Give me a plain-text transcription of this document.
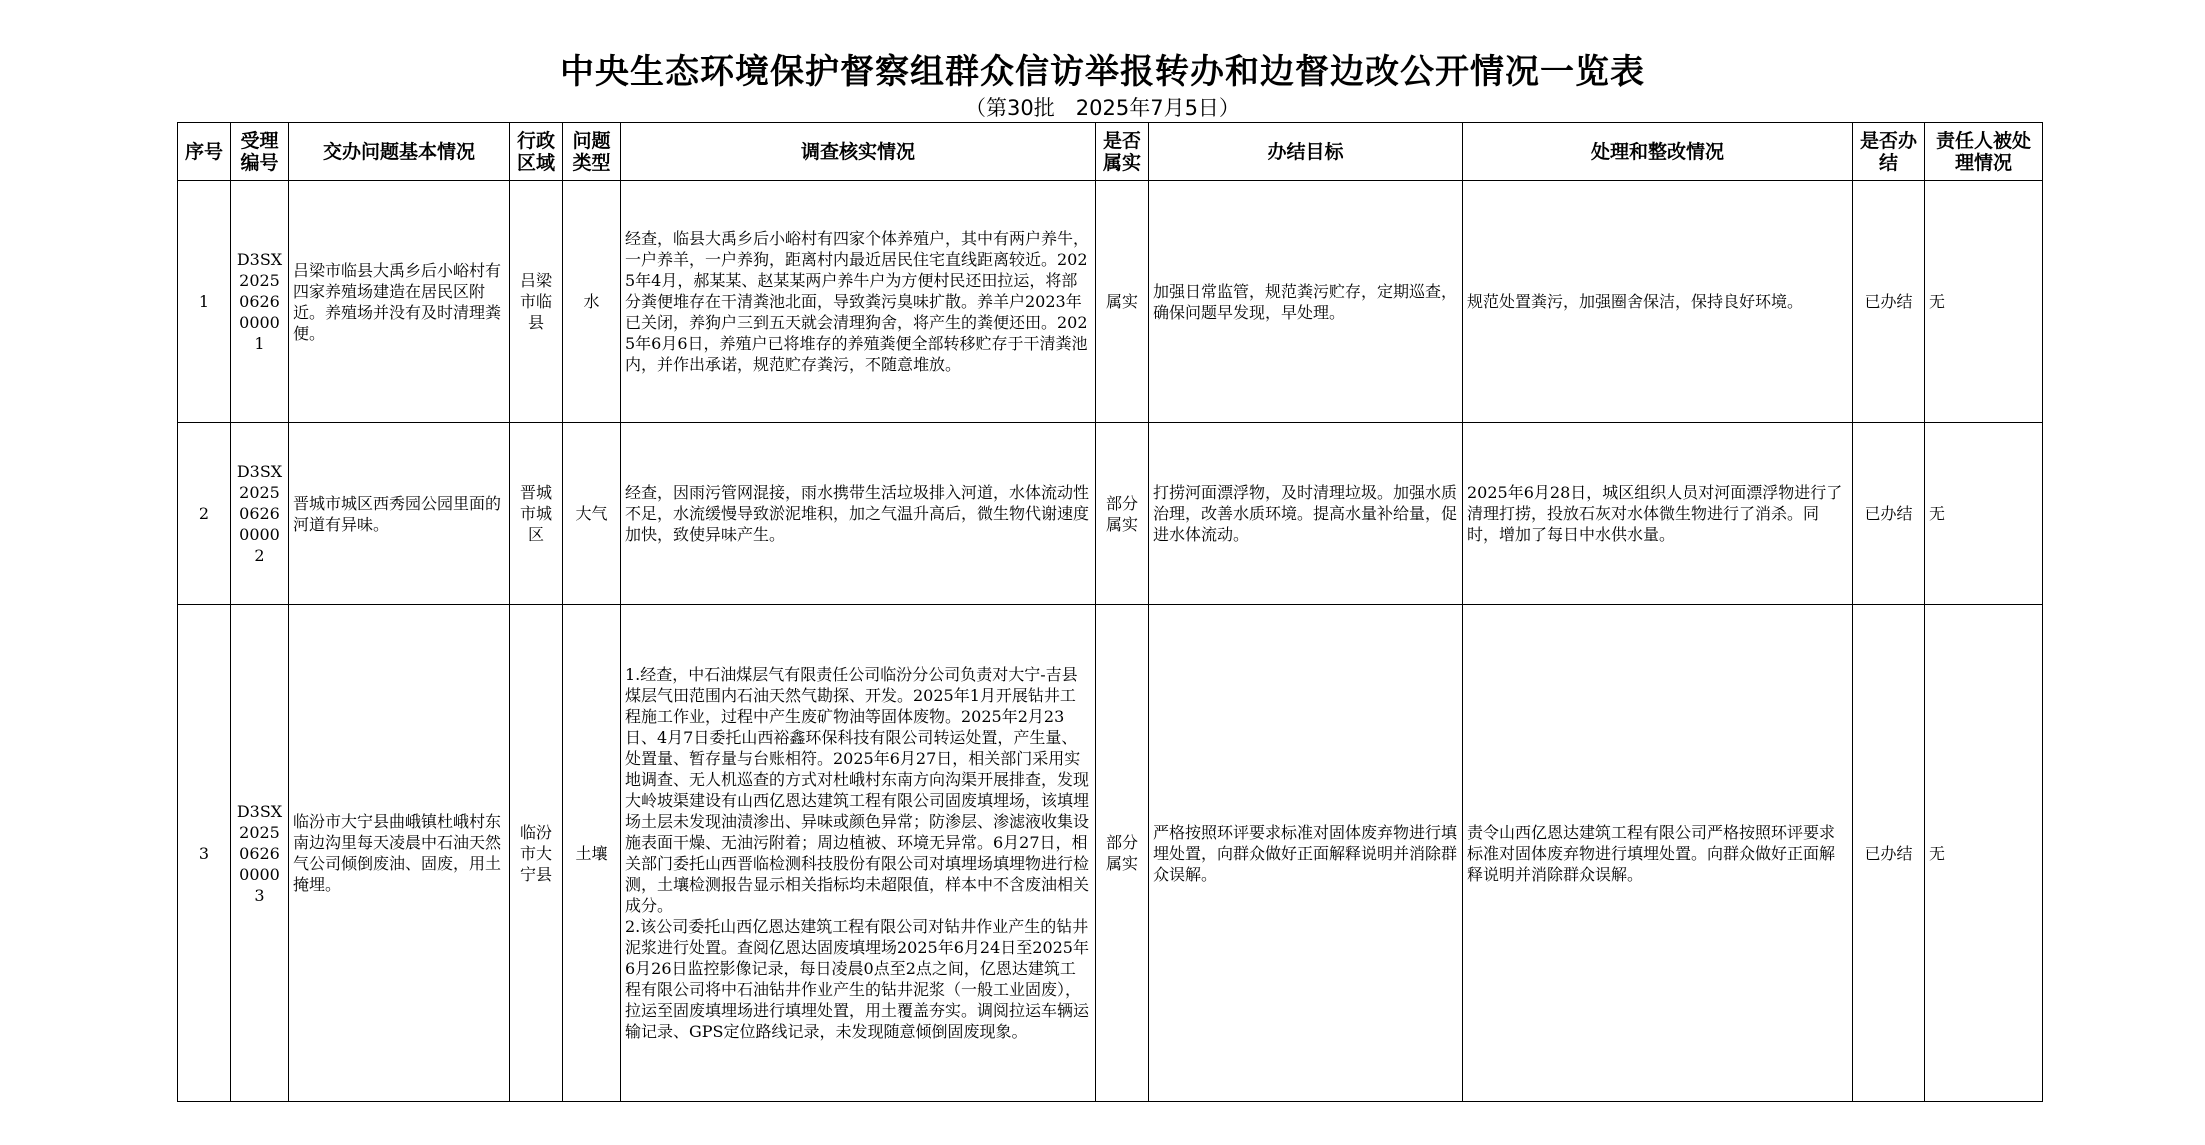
中央生态环境保护督察组群众信访举报转办和边督边改公开情况一览表
（第30批　2025年7月5日）
序号	受理编号	交办问题基本情况	行政区域	问题类型	调查核实情况	是否属实	办结目标	处理和整改情况	是否办结	责任人被处理情况
1	D3SX2025062600001	吕梁市临县大禹乡后小峪村有四家养殖场建造在居民区附近。养殖场并没有及时清理粪便。	吕梁市临县	水	经查，临县大禹乡后小峪村有四家个体养殖户，其中有两户养牛，一户养羊，一户养狗，距离村内最近居民住宅直线距离较近。2025年4月，郝某某、赵某某两户养牛户为方便村民还田拉运，将部分粪便堆存在干清粪池北面，导致粪污臭味扩散。养羊户2023年已关闭，养狗户三到五天就会清理狗舍，将产生的粪便还田。2025年6月6日，养殖户已将堆存的养殖粪便全部转移贮存于干清粪池内，并作出承诺，规范贮存粪污，不随意堆放。	属实	加强日常监管，规范粪污贮存，定期巡查，确保问题早发现，早处理。	规范处置粪污，加强圈舍保洁，保持良好环境。	已办结	无
2	D3SX2025062600002	晋城市城区西秀园公园里面的河道有异味。	晋城市城区	大气	经查，因雨污管网混接，雨水携带生活垃圾排入河道，水体流动性不足，水流缓慢导致淤泥堆积，加之气温升高后，微生物代谢速度加快，致使异味产生。	部分属实	打捞河面漂浮物，及时清理垃圾。加强水质治理，改善水质环境。提高水量补给量，促进水体流动。	2025年6月28日，城区组织人员对河面漂浮物进行了清理打捞，投放石灰对水体微生物进行了消杀。同时，增加了每日中水供水量。	已办结	无
3	D3SX2025062600003	临汾市大宁县曲峨镇杜峨村东南边沟里每天凌晨中石油天然气公司倾倒废油、固废，用土掩埋。	临汾市大宁县	土壤	1.经查，中石油煤层气有限责任公司临汾分公司负责对大宁-吉县煤层气田范围内石油天然气勘探、开发。2025年1月开展钻井工程施工作业，过程中产生废矿物油等固体废物。2025年2月23日、4月7日委托山西裕鑫环保科技有限公司转运处置，产生量、处置量、暂存量与台账相符。2025年6月27日，相关部门采用实地调查、无人机巡查的方式对杜峨村东南方向沟渠开展排查，发现大岭坡渠建设有山西亿恩达建筑工程有限公司固废填埋场，该填埋场土层未发现油渍渗出、异味或颜色异常；防渗层、渗滤液收集设施表面干燥、无油污附着；周边植被、环境无异常。6月27日，相关部门委托山西晋临检测科技股份有限公司对填埋场填埋物进行检测，土壤检测报告显示相关指标均未超限值，样本中不含废油相关成分。
2.该公司委托山西亿恩达建筑工程有限公司对钻井作业产生的钻井泥浆进行处置。查阅亿恩达固废填埋场2025年6月24日至2025年6月26日监控影像记录，每日凌晨0点至2点之间，亿恩达建筑工程有限公司将中石油钻井作业产生的钻井泥浆（一般工业固废），拉运至固废填埋场进行填埋处置，用土覆盖夯实。调阅拉运车辆运输记录、GPS定位路线记录，未发现随意倾倒固废现象。	部分属实	严格按照环评要求标准对固体废弃物进行填埋处置，向群众做好正面解释说明并消除群众误解。	责令山西亿恩达建筑工程有限公司严格按照环评要求标准对固体废弃物进行填埋处置。向群众做好正面解释说明并消除群众误解。	已办结	无
